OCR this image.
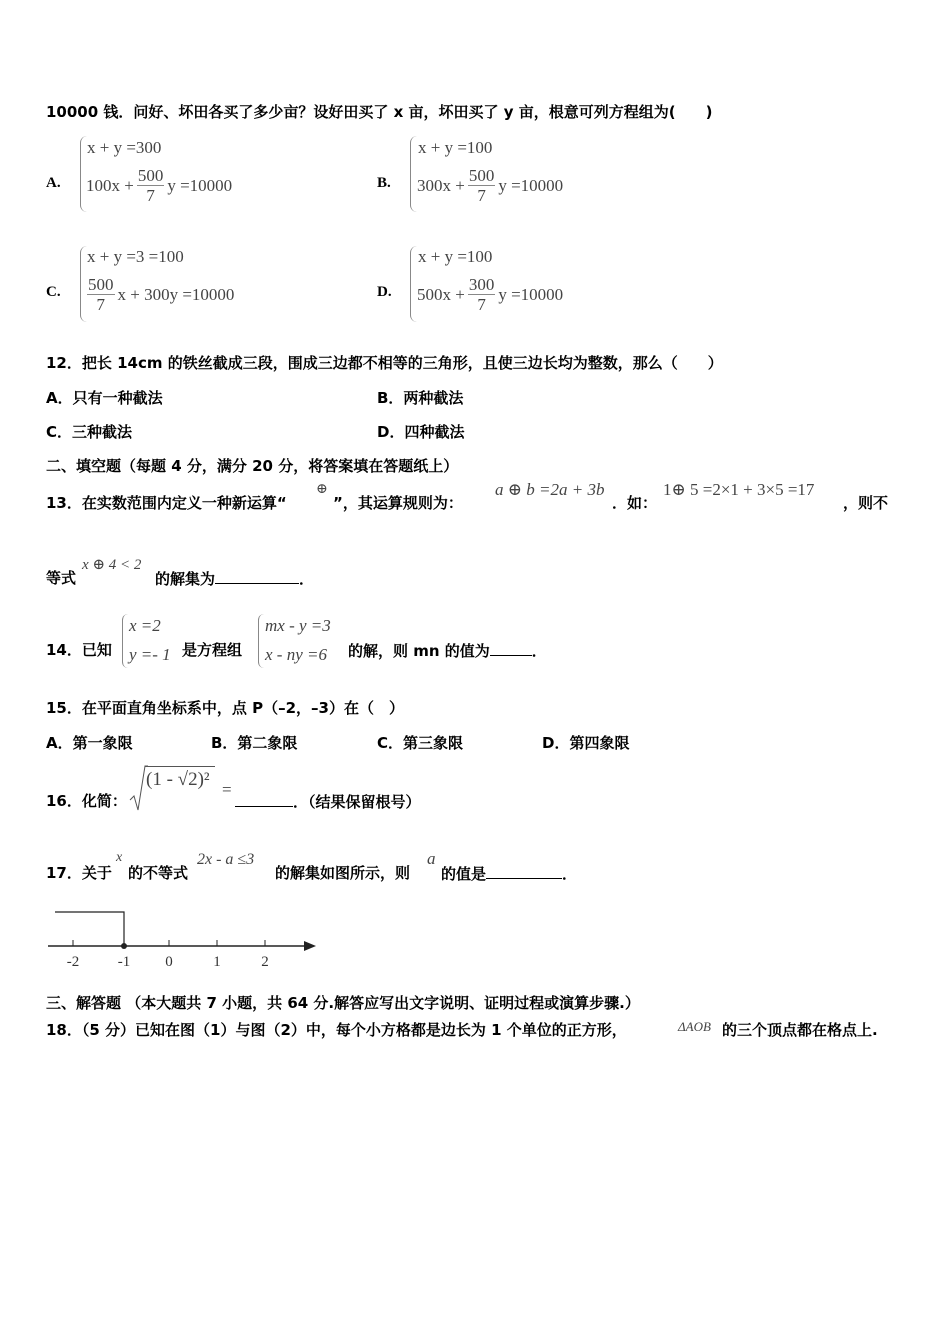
10000 钱．问好、坏田各买了多少亩？设好田买了 x 亩，坏田买了 y 亩，根意可列方程组为(　　)
A.
x + y =300
$100x + \frac{500}{7}$ y =10000	B.
x + y =100
$300x + \frac{500}{7}$ y =10000
C.
x + y =3 =100
$\frac{500}{7}$ x + 300y =10000	D.
x + y =100
$500x + \frac{300}{7}$ y =10000
12．把长 14cm 的铁丝截成三段，围成三边都不相等的三角形，且使三边长均为整数，那么（　　）
A．只有一种截法	B．两种截法
C．三种截法	D．四种截法
二、填空题（每题 4 分，满分 20 分，将答案填在答题纸上）
13．在实数范围内定义一种新运算“
⊕
”，其运算规则为：
a ⊕ b =2a + 3b
．如：
1⊕ 5 =2×1 + 3×5 =17
，则不
等式
x ⊕ 4 < 2
的解集为	．
14．已知
x =2
y =- 1 是方程组
mx - y =3
x - ny =6 的解，则 mn 的值为	．
15．在平面直角坐标系中，点 P（–2，–3）在（　）
A．第一象限	B．第二象限	C．第三象限	D．第四象限
16．化简：
(1 - √2)² =
．（结果保留根号）
17．关于
x
的不等式
2x - a ≤3
的解集如图所示，则
a
的值是	．
-2	-1 0	1	2
三、解答题 （本大题共 7 小题，共 64 分.解答应写出文字说明、证明过程或演算步骤.）
18．（5 分）已知在图（1）与图（2）中，每个小方格都是边长为 1 个单位的正方形，	ΔAOB 的三个顶点都在格点上.
